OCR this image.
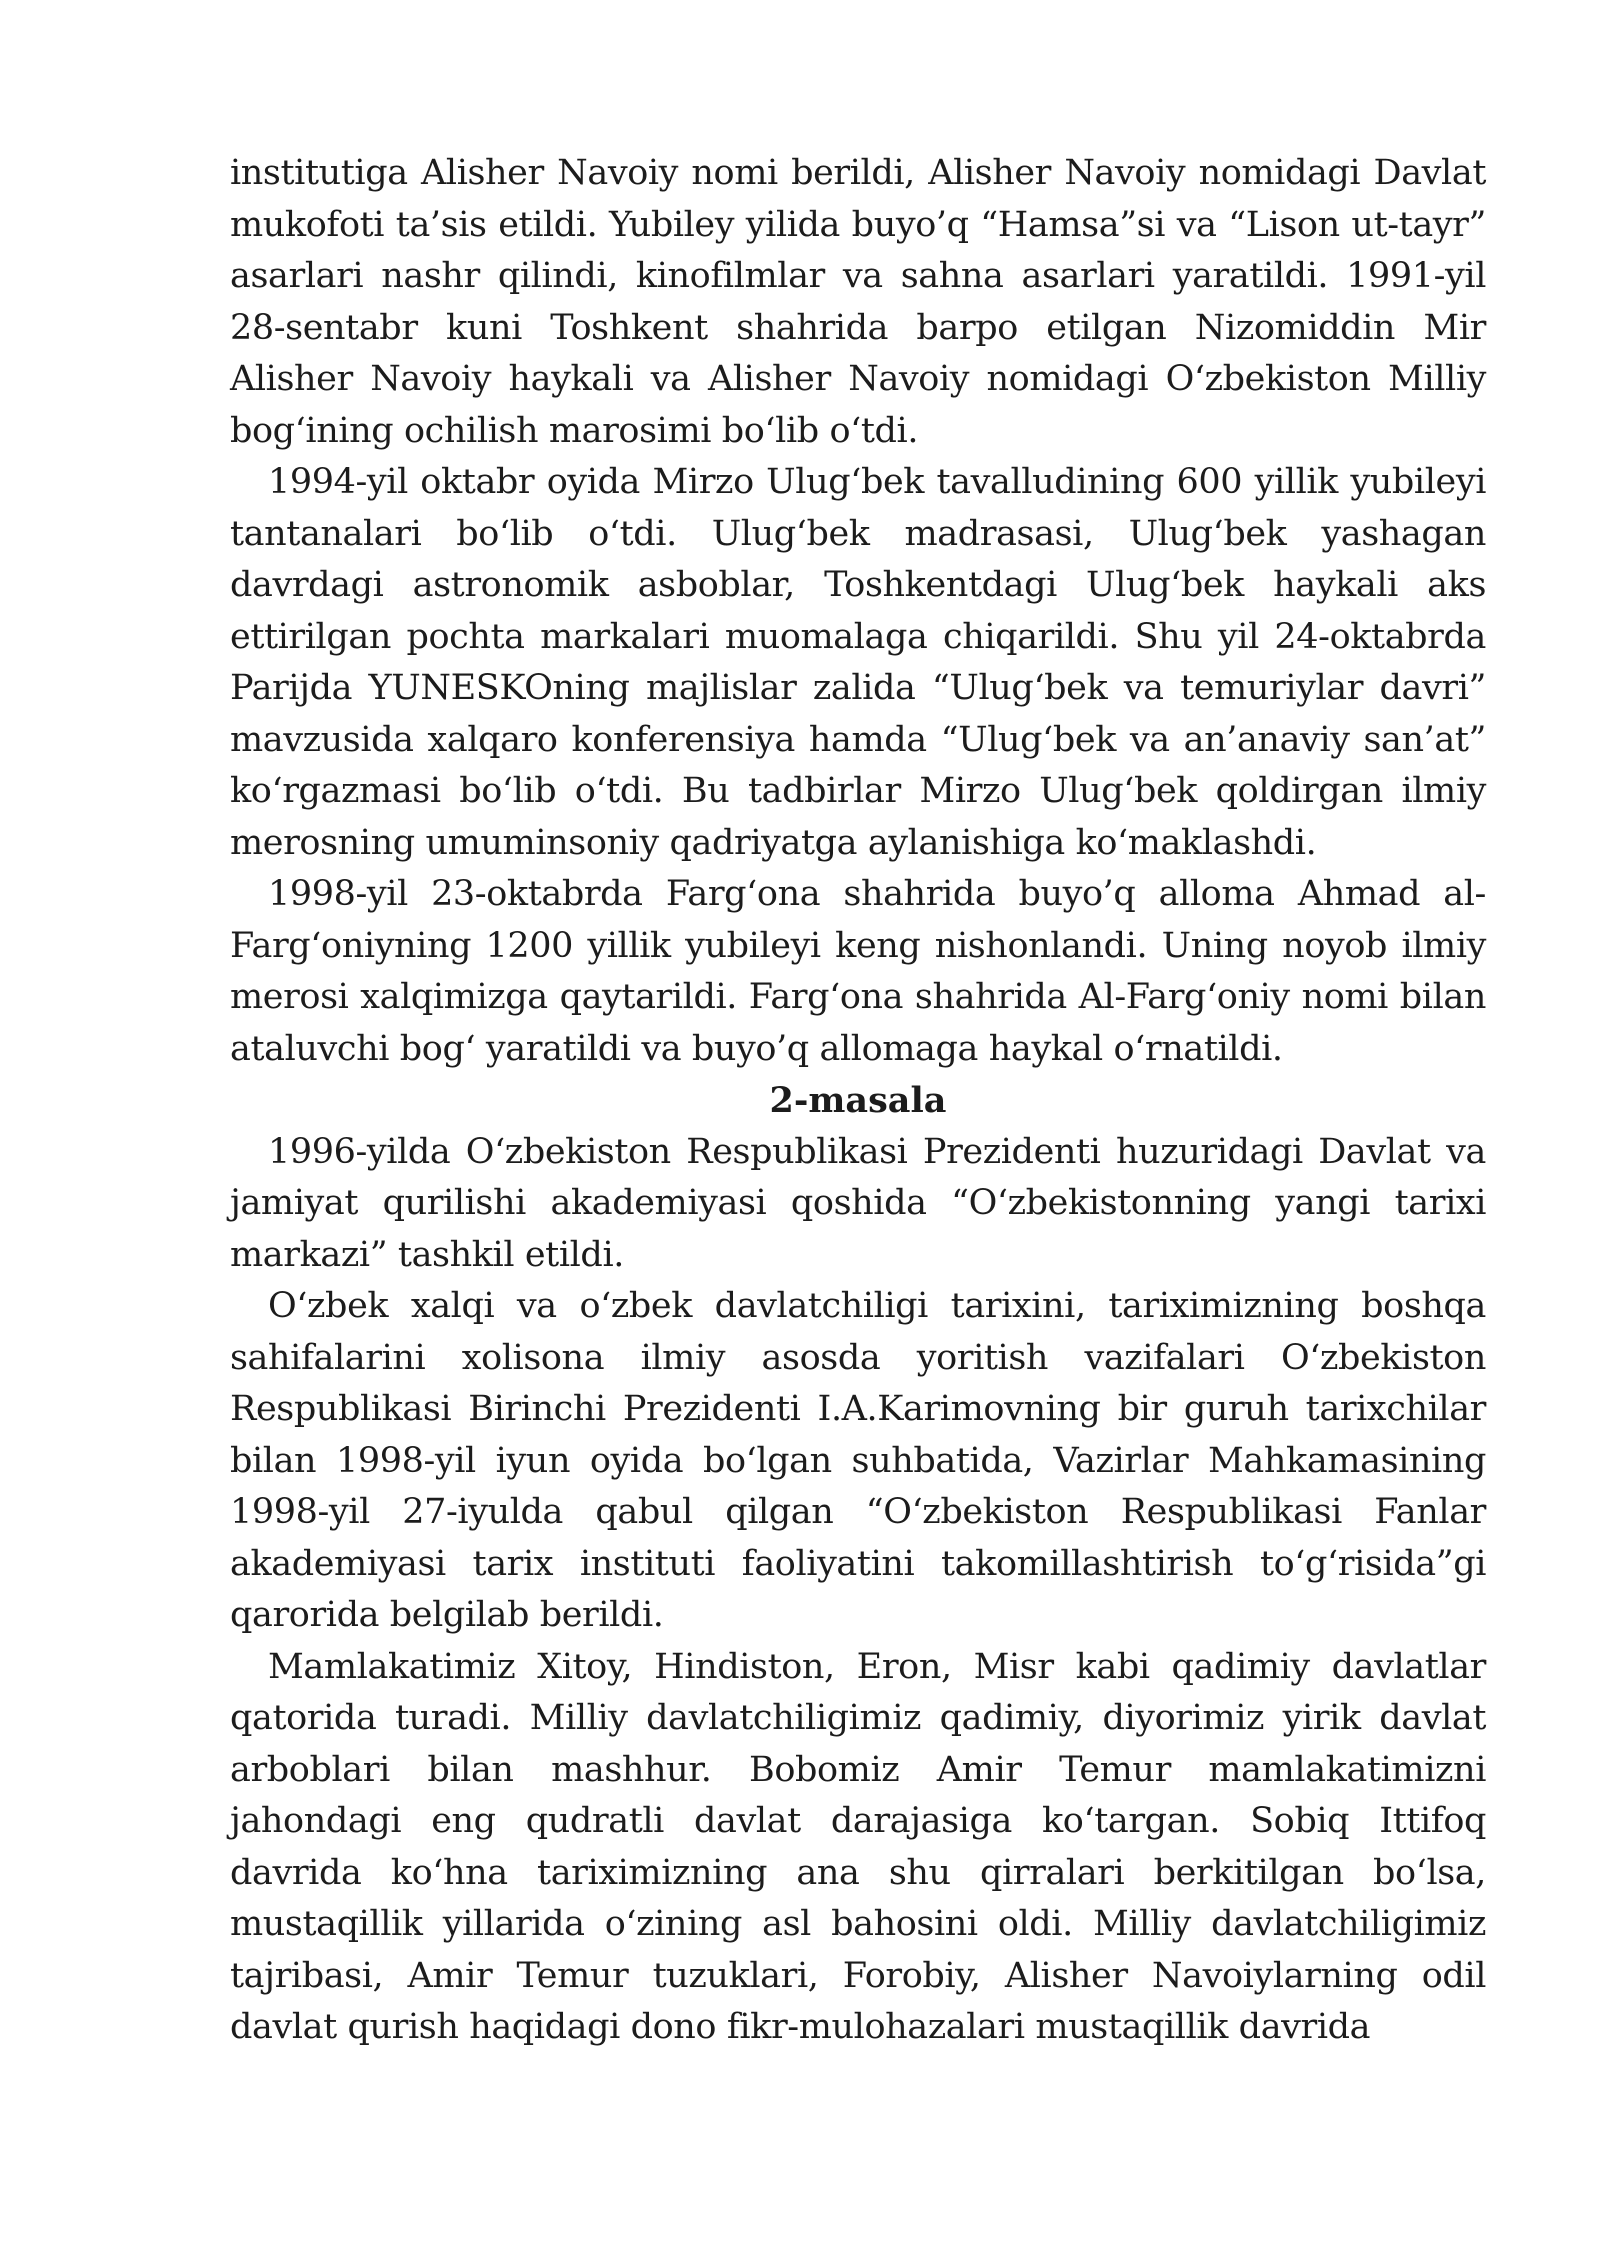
institutiga Alisher Navoiy nomi berildi, Alisher Navoiy nomidagi Davlat mukofoti ta’sis etildi. Yubiley yilida buyo’q “Hamsa”si va “Lison ut-tayr” asarlari nashr qilindi, kinofilmlar va sahna asarlari yaratildi. 1991-yil 28-sentabr kuni Toshkent shahrida barpo etilgan Nizomiddin Mir Alisher Navoiy haykali va Alisher Navoiy nomidagi O‘zbekiston Milliy bog‘ining ochilish marosimi bo‘lib o‘tdi.

1994-yil oktabr oyida Mirzo Ulug‘bek tavalludining 600 yillik yubileyi tantanalari bo‘lib o‘tdi. Ulug‘bek madrasasi, Ulug‘bek yashagan davrdagi astronomik asboblar, Toshkentdagi Ulug‘bek haykali aks ettirilgan pochta markalari muomalaga chiqarildi. Shu yil 24-oktabrda Parijda YUNESKOning majlislar zalida “Ulug‘bek va temuriylar davri” mavzusida xalqaro konferensiya hamda “Ulug‘bek va an’anaviy san’at” ko‘rgazmasi bo‘lib o‘tdi. Bu tadbirlar Mirzo Ulug‘bek qoldirgan ilmiy merosning umuminsoniy qadriyatga aylanishiga ko‘maklashdi.

1998-yil 23-oktabrda Farg‘ona shahrida buyo’q alloma Ahmad al-Farg‘oniyning 1200 yillik yubileyi keng nishonlandi. Uning noyob ilmiy merosi xalqimizga qaytarildi. Farg‘ona shahrida Al-Farg‘oniy nomi bilan ataluvchi bog‘ yaratildi va buyo’q allomaga haykal o‘rnatildi.

2-masala

1996-yilda O‘zbekiston Respublikasi Prezidenti huzuridagi Davlat va jamiyat qurilishi akademiyasi qoshida “O‘zbekistonning yangi tarixi markazi” tashkil etildi.

O‘zbek xalqi va o‘zbek davlatchiligi tarixini, tariximizning boshqa sahifalarini xolisona ilmiy asosda yoritish vazifalari O‘zbekiston Respublikasi Birinchi Prezidenti I.A.Karimovning bir guruh tarixchilar bilan 1998-yil iyun oyida bo‘lgan suhbatida, Vazirlar Mahkamasining 1998-yil 27-iyulda qabul qilgan “O‘zbekiston Respublikasi Fanlar akademiyasi tarix instituti faoliyatini takomillashtirish to‘g‘risida”gi qarorida belgilab berildi.

Mamlakatimiz Xitoy, Hindiston, Eron, Misr kabi qadimiy davlatlar qatorida turadi. Milliy davlatchiligimiz qadimiy, diyorimiz yirik davlat arboblari bilan mashhur. Bobomiz Amir Temur mamlakatimizni jahondagi eng qudratli davlat darajasiga ko‘targan. Sobiq Ittifoq davrida ko‘hna tariximizning ana shu qirralari berkitilgan bo‘lsa, mustaqillik yillarida o‘zining asl bahosini oldi. Milliy davlatchiligimiz tajribasi, Amir Temur tuzuklari, Forobiy, Alisher Navoiylarning odil davlat qurish haqidagi dono fikr-mulohazalari mustaqillik davrida
